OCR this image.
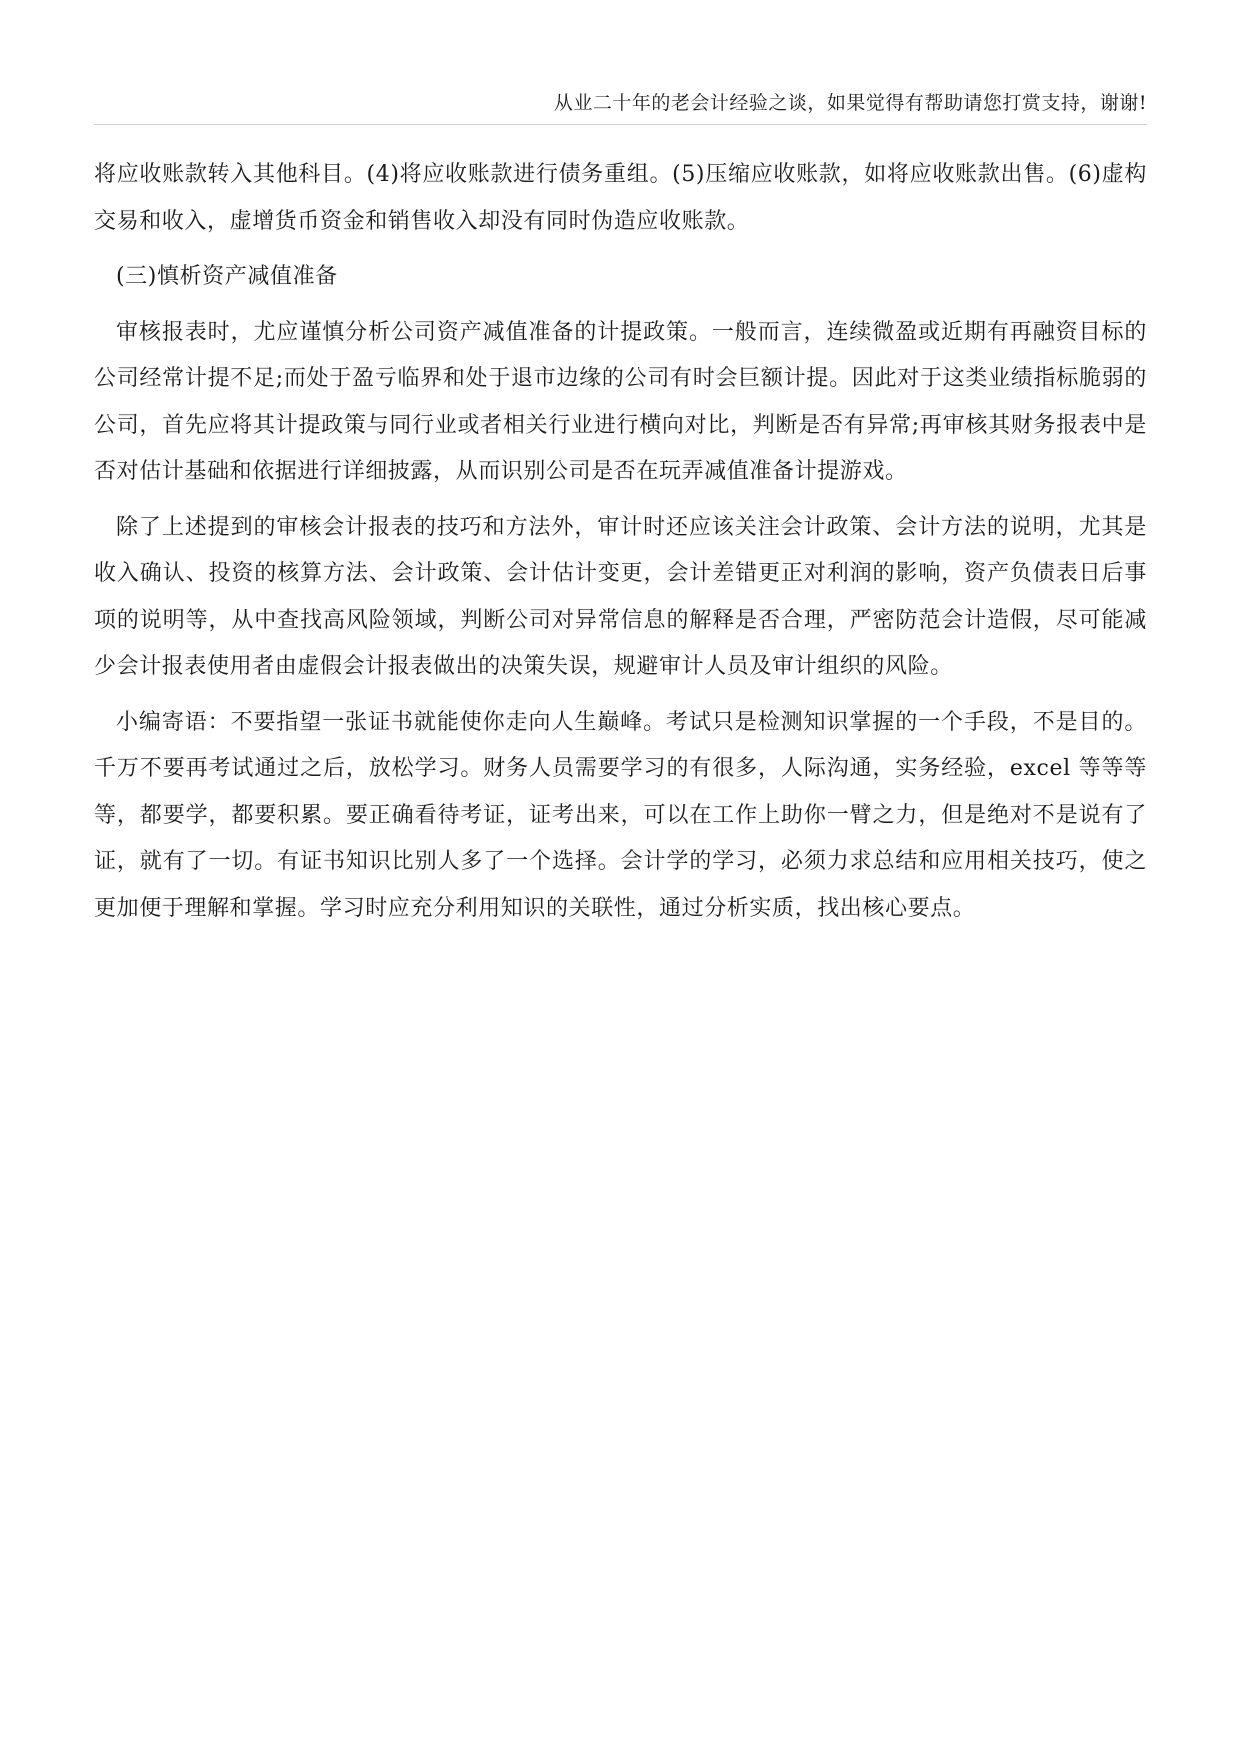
从业二十年的老会计经验之谈，如果觉得有帮助请您打赏支持，谢谢!

将应收账款转入其他科目。(4)将应收账款进行债务重组。(5)压缩应收账款，如将应收账款出售。(6)虚构交易和收入，虚增货币资金和销售收入却没有同时伪造应收账款。

(三)慎析资产减值准备

审核报表时，尤应谨慎分析公司资产减值准备的计提政策。一般而言，连续微盈或近期有再融资目标的公司经常计提不足;而处于盈亏临界和处于退市边缘的公司有时会巨额计提。因此对于这类业绩指标脆弱的公司，首先应将其计提政策与同行业或者相关行业进行横向对比，判断是否有异常;再审核其财务报表中是否对估计基础和依据进行详细披露，从而识别公司是否在玩弄减值准备计提游戏。

除了上述提到的审核会计报表的技巧和方法外，审计时还应该关注会计政策、会计方法的说明，尤其是收入确认、投资的核算方法、会计政策、会计估计变更，会计差错更正对利润的影响，资产负债表日后事项的说明等，从中查找高风险领域，判断公司对异常信息的解释是否合理，严密防范会计造假，尽可能减少会计报表使用者由虚假会计报表做出的决策失误，规避审计人员及审计组织的风险。

小编寄语：不要指望一张证书就能使你走向人生巅峰。考试只是检测知识掌握的一个手段，不是目的。千万不要再考试通过之后，放松学习。财务人员需要学习的有很多，人际沟通，实务经验，excel 等等等等，都要学，都要积累。要正确看待考证，证考出来，可以在工作上助你一臂之力，但是绝对不是说有了证，就有了一切。有证书知识比别人多了一个选择。会计学的学习，必须力求总结和应用相关技巧，使之更加便于理解和掌握。学习时应充分利用知识的关联性，通过分析实质，找出核心要点。
